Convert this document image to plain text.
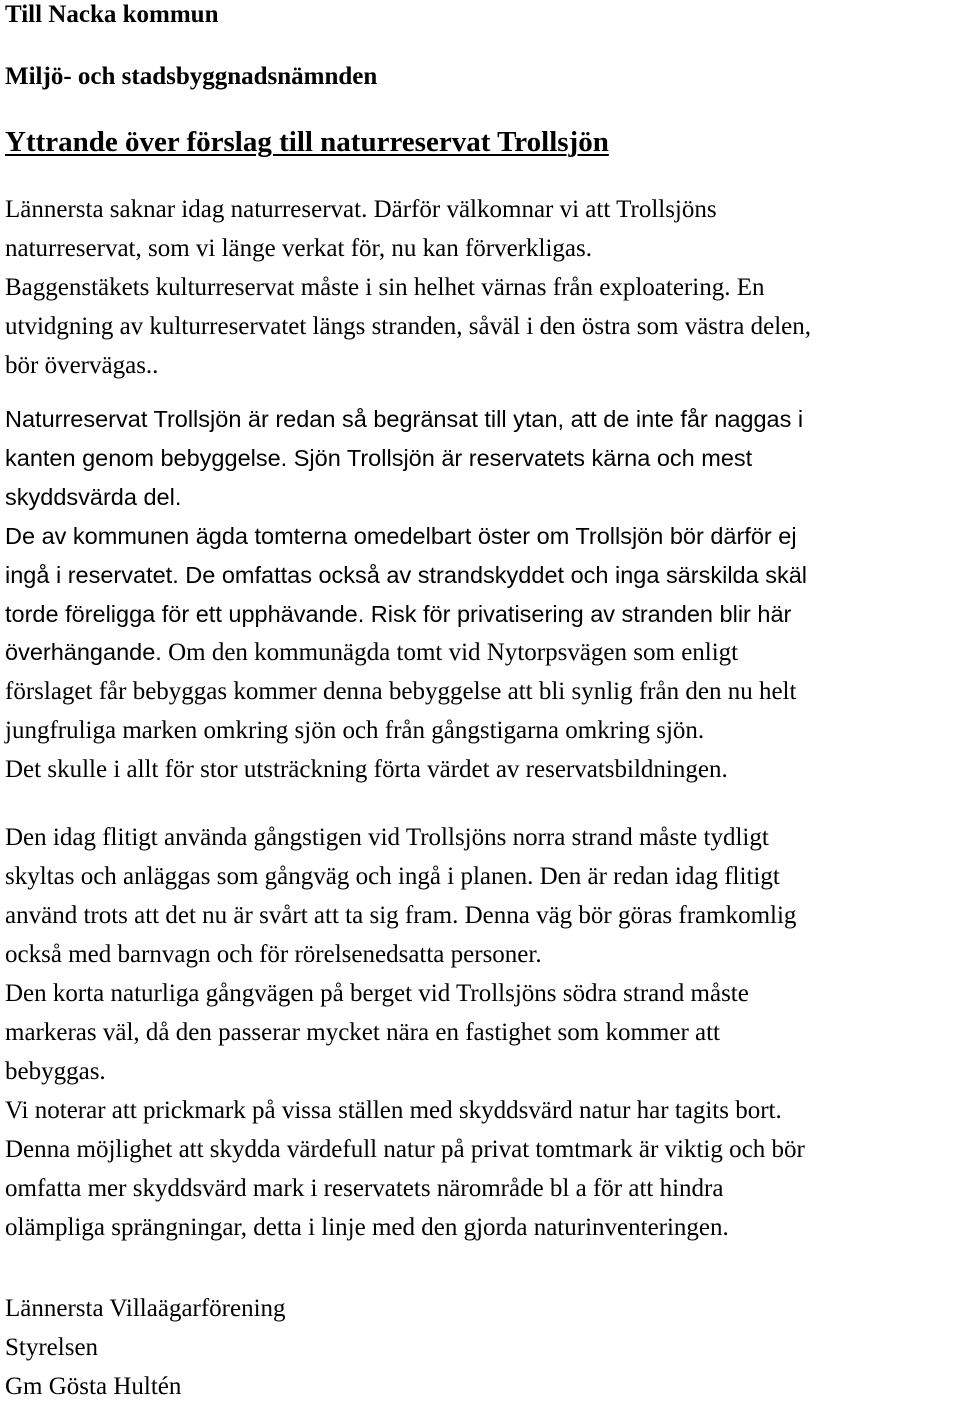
Till Nacka kommun
Miljö- och stadsbyggnadsnämnden
Yttrande över förslag till naturreservat Trollsjön
Lännersta saknar idag naturreservat. Därför välkomnar vi att Trollsjöns
naturreservat, som vi länge verkat för, nu kan förverkligas.
Baggenstäkets kulturreservat måste i sin helhet värnas från exploatering. En
utvidgning av kulturreservatet längs stranden, såväl i den östra som västra delen,
bör övervägas..
Naturreservat Trollsjön är redan så begränsat till ytan, att de inte får naggas i
kanten genom bebyggelse. Sjön Trollsjön är reservatets kärna och mest
skyddsvärda del.
De av kommunen ägda tomterna omedelbart öster om Trollsjön bör därför ej
ingå i reservatet. De omfattas också av strandskyddet och inga särskilda skäl
torde föreligga för ett upphävande. Risk för privatisering av stranden blir här
överhängande. Om den kommunägda tomt vid Nytorpsvägen som enligt
förslaget får bebyggas kommer denna bebyggelse att bli synlig från den nu helt
jungfruliga marken omkring sjön och från gångstigarna omkring sjön.
Det skulle i allt för stor utsträckning förta värdet av reservatsbildningen.
Den idag flitigt använda gångstigen vid Trollsjöns norra strand måste tydligt
skyltas och anläggas som gångväg och ingå i planen. Den är redan idag flitigt
använd trots att det nu är svårt att ta sig fram. Denna väg bör göras framkomlig
också med barnvagn och för rörelsenedsatta personer.
Den korta naturliga gångvägen på berget vid Trollsjöns södra strand måste
markeras väl, då den passerar mycket nära en fastighet som kommer att
bebyggas.
Vi noterar att prickmark på vissa ställen med skyddsvärd natur har tagits bort.
Denna möjlighet att skydda värdefull natur på privat tomtmark är viktig och bör
omfatta mer skyddsvärd mark i reservatets närområde bl a för att hindra
olämpliga sprängningar, detta i linje med den gjorda naturinventeringen.
Lännersta Villaägarförening
Styrelsen
Gm Gösta Hultén
